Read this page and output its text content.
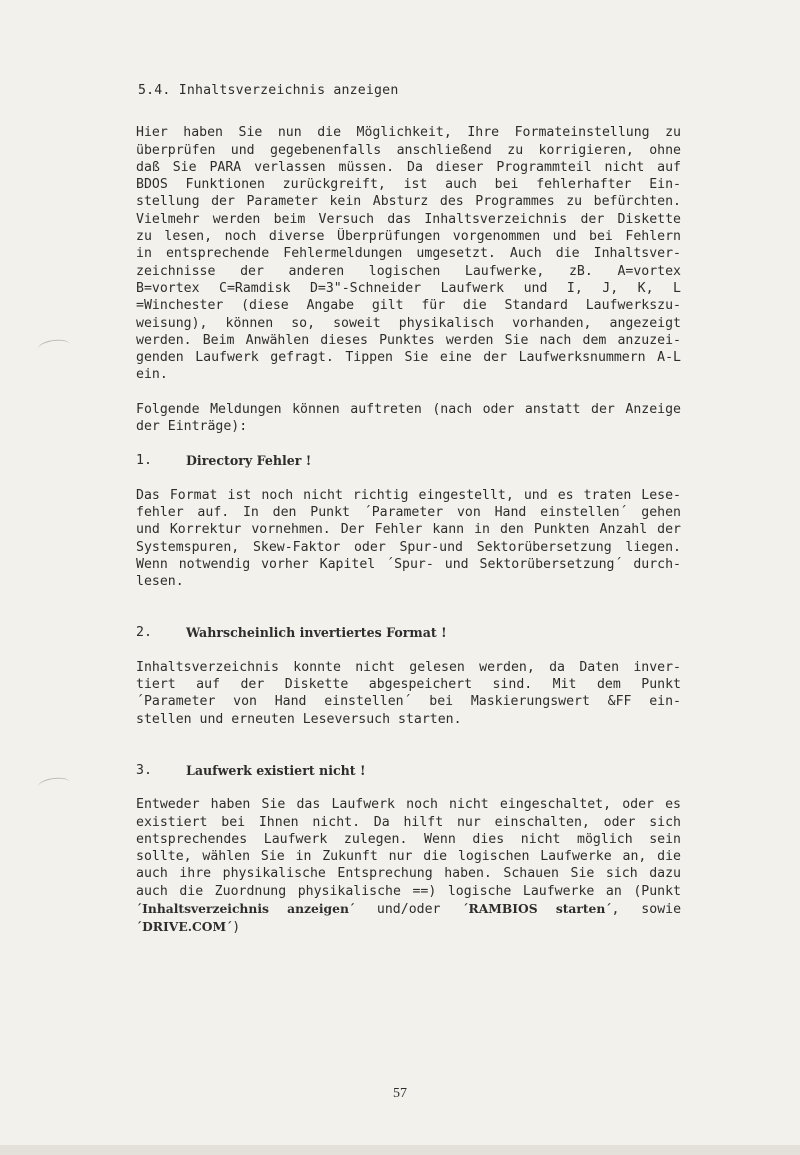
5.4. Inhaltsverzeichnis anzeigen
Hier haben Sie nun die Möglichkeit, Ihre Formateinstellung zu
überprüfen und gegebenenfalls anschließend zu korrigieren, ohne
daß Sie PARA verlassen müssen. Da dieser Programmteil nicht auf
BDOS Funktionen zurückgreift, ist auch bei fehlerhafter Ein-
stellung der Parameter kein Absturz des Programmes zu befürchten.
Vielmehr werden beim Versuch das Inhaltsverzeichnis der Diskette
zu lesen, noch diverse Überprüfungen vorgenommen und bei Fehlern
in entsprechende Fehlermeldungen umgesetzt. Auch die Inhaltsver-
zeichnisse der anderen logischen Laufwerke, zB. A=vortex
B=vortex C=Ramdisk D=3"-Schneider Laufwerk und I, J, K, L
=Winchester (diese Angabe gilt für die Standard Laufwerkszu-
weisung), können so, soweit physikalisch vorhanden, angezeigt
werden. Beim Anwählen dieses Punktes werden Sie nach dem anzuzei-
genden Laufwerk gefragt. Tippen Sie eine der Laufwerksnummern A-L
ein.
Folgende Meldungen können auftreten (nach oder anstatt der Anzeige
der Einträge):
1.	Directory Fehler !
Das Format ist noch nicht richtig eingestellt, und es traten Lese-
fehler auf. In den Punkt ´Parameter von Hand einstellen´ gehen
und Korrektur vornehmen. Der Fehler kann in den Punkten Anzahl der
Systemspuren, Skew-Faktor oder Spur-und Sektorübersetzung liegen.
Wenn notwendig vorher Kapitel ´Spur- und Sektorübersetzung´ durch-
lesen.
2.	Wahrscheinlich invertiertes Format !
Inhaltsverzeichnis konnte nicht gelesen werden, da Daten inver-
tiert auf der Diskette abgespeichert sind. Mit dem Punkt
´Parameter von Hand einstellen´ bei Maskierungswert &FF ein-
stellen und erneuten Leseversuch starten.
3.	Laufwerk existiert nicht !
Entweder haben Sie das Laufwerk noch nicht eingeschaltet, oder es
existiert bei Ihnen nicht. Da hilft nur einschalten, oder sich
entsprechendes Laufwerk zulegen. Wenn dies nicht möglich sein
sollte, wählen Sie in Zukunft nur die logischen Laufwerke an, die
auch ihre physikalische Entsprechung haben. Schauen Sie sich dazu
auch die Zuordnung physikalische ==) logische Laufwerke an (Punkt
´Inhaltsverzeichnis anzeigen´ und/oder ´RAMBIOS starten´, sowie
´DRIVE.COM´)
57
